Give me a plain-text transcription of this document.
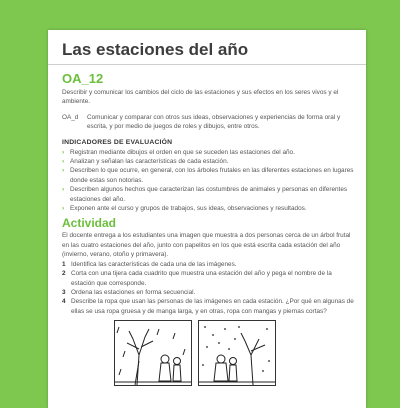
Las estaciones del año
OA_12
Describir y comunicar los cambios del ciclo de las estaciones y sus efectos en los seres vivos y el ambiente.
OA_d	Comunicar y comparar con otros sus ideas, observaciones y experiencias de forma oral y escrita, y por medio de juegos de roles y dibujos, entre otros.
INDICADORES DE EVALUACIÓN
› Registran mediante dibujos el orden en que se suceden las estaciones del año.
› Analizan y señalan las características de cada estación.
› Describen lo que ocurre, en general, con los árboles frutales en las diferentes estaciones en lugares donde estas son notorias.
› Describen algunos hechos que caracterizan las costumbres de animales y personas en diferentes estaciones del año.
› Exponen ante el curso y grupos de trabajos, sus ideas, observaciones y resultados.
Actividad
El docente entrega a los estudiantes una imagen que muestra a dos personas cerca de un árbol frutal en las cuatro estaciones del año, junto con papelitos en los que está escrita cada estación del año (invierno, verano, otoño y primavera).
1 Identifica las características de cada una de las imágenes.
2 Corta con una tijera cada cuadrito que muestra una estación del año y pega el nombre de la estación que corresponde.
3 Ordena las estaciones en forma secuencial.
4 Describe la ropa que usan las personas de las imágenes en cada estación. ¿Por qué en algunas de ellas se usa ropa gruesa y de manga larga, y en otras, ropa con mangas y piernas cortas?
